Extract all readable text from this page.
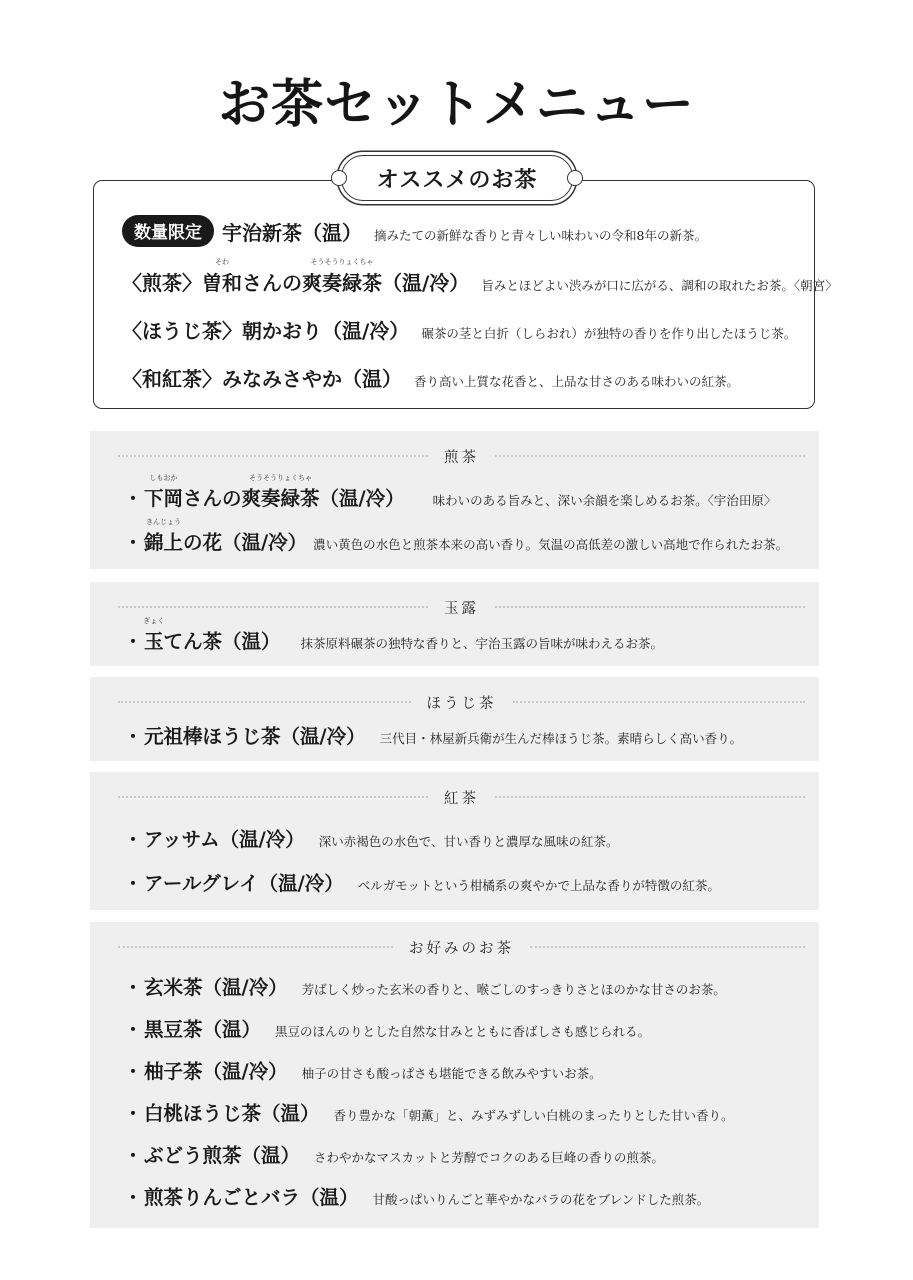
お茶セットメニュー
数量限定	宇治新茶（温） 摘みたての新鮮な香りと青々しい味わいの令和8年の新茶。
〈煎茶〉
そわ
曽和さんの
そうそうりょくちゃ
爽奏緑茶（温/冷） 旨みとほどよい渋みが口に広がる、調和の取れたお茶。〈朝宮〉
〈ほうじ茶〉朝かおり（温/冷） 碾茶の茎と白折（しらおれ）が独特の香りを作り出したほうじ茶。
〈和紅茶〉みなみさやか（温） 香り高い上質な花香と、上品な甘さのある味わいの紅茶。
オススメのお茶
煎茶
・
しもおか
下岡さんの
そうそうりょくちゃ
爽奏緑茶（温/冷） 味わいのある旨みと、深い余韻を楽しめるお茶。〈宇治田原〉
・
きんじょう
錦上の花（温/冷） 濃い黄色の水色と煎茶本来の高い香り。気温の高低差の激しい高地で作られたお茶。
玉露
・
ぎょく
玉てん茶（温） 抹茶原料碾茶の独特な香りと、宇治玉露の旨味が味わえるお茶。
ほうじ茶
・ 元祖棒ほうじ茶（温/冷） 三代目・林屋新兵衛が生んだ棒ほうじ茶。素晴らしく高い香り。
紅茶
・ アッサム（温/冷） 深い赤褐色の水色で、甘い香りと濃厚な風味の紅茶。
・ アールグレイ（温/冷） ベルガモットという柑橘系の爽やかで上品な香りが特徴の紅茶。
お好みのお茶
・ 玄米茶（温/冷） 芳ばしく炒った玄米の香りと、喉ごしのすっきりさとほのかな甘さのお茶。
・ 黒豆茶（温） 黒豆のほんのりとした自然な甘みとともに香ばしさも感じられる。
・ 柚子茶（温/冷） 柚子の甘さも酸っぱさも堪能できる飲みやすいお茶。
・ 白桃ほうじ茶（温） 香り豊かな「朝薫」と、みずみずしい白桃のまったりとした甘い香り。
・ ぶどう煎茶（温） さわやかなマスカットと芳醇でコクのある巨峰の香りの煎茶。
・ 煎茶りんごとバラ（温） 甘酸っぱいりんごと華やかなバラの花をブレンドした煎茶。
